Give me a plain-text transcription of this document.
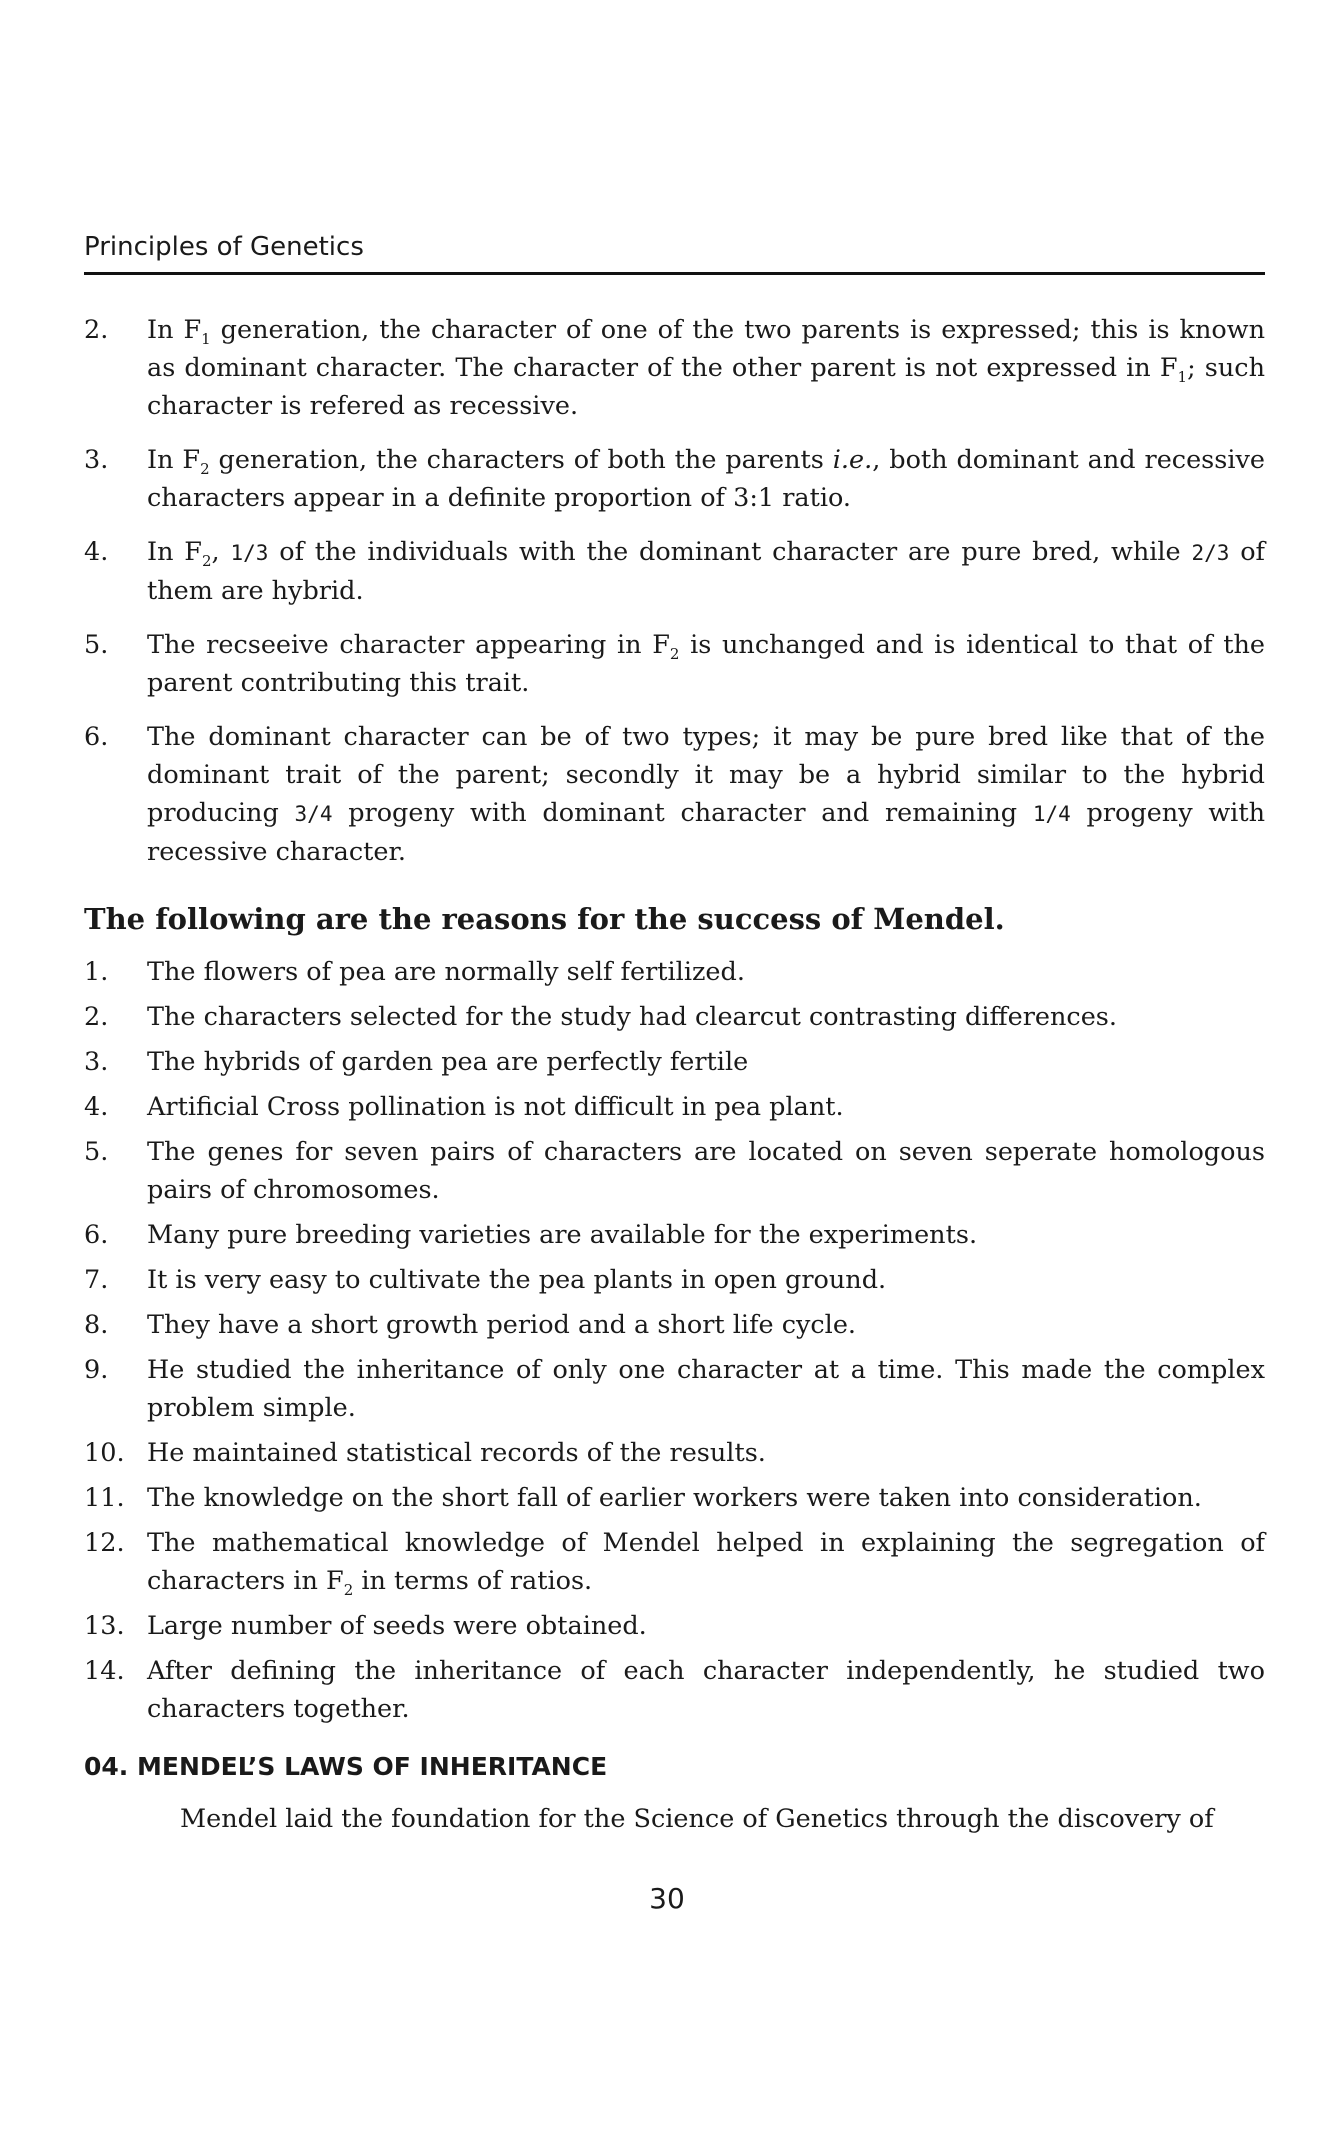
Principles of Genetics
2. In $F_1$ generation, the character of one of the two parents is expressed; this is known as dominant character. The character of the other parent is not expressed in $F_1$; such character is refered as recessive.
3. In $F_2$ generation, the characters of both the parents i.e., both dominant and recessive characters appear in a definite proportion of 3:1 ratio.
4. In $F_2$, 1/3 of the individuals with the dominant character are pure bred, while 2/3 of them are hybrid.
5. The recseeive character appearing in $F_2$ is unchanged and is identical to that of the parent contributing this trait.
6. The dominant character can be of two types; it may be pure bred like that of the dominant trait of the parent; secondly it may be a hybrid similar to the hybrid producing 3/4 progeny with dominant character and remaining 1/4 progeny with recessive character.
The following are the reasons for the success of Mendel.
1. The flowers of pea are normally self fertilized.
2. The characters selected for the study had clearcut contrasting differences.
3. The hybrids of garden pea are perfectly fertile
4. Artificial Cross pollination is not difficult in pea plant.
5. The genes for seven pairs of characters are located on seven seperate homologous pairs of chromosomes.
6. Many pure breeding varieties are available for the experiments.
7. It is very easy to cultivate the pea plants in open ground.
8. They have a short growth period and a short life cycle.
9. He studied the inheritance of only one character at a time. This made the complex problem simple.
10. He maintained statistical records of the results.
11. The knowledge on the short fall of earlier workers were taken into consideration.
12. The mathematical knowledge of Mendel helped in explaining the segregation of characters in $F_2$ in terms of ratios.
13. Large number of seeds were obtained.
14. After defining the inheritance of each character independently, he studied two characters together.
04. MENDEL’S LAWS OF INHERITANCE

Mendel laid the foundation for the Science of Genetics through the discovery of

30
